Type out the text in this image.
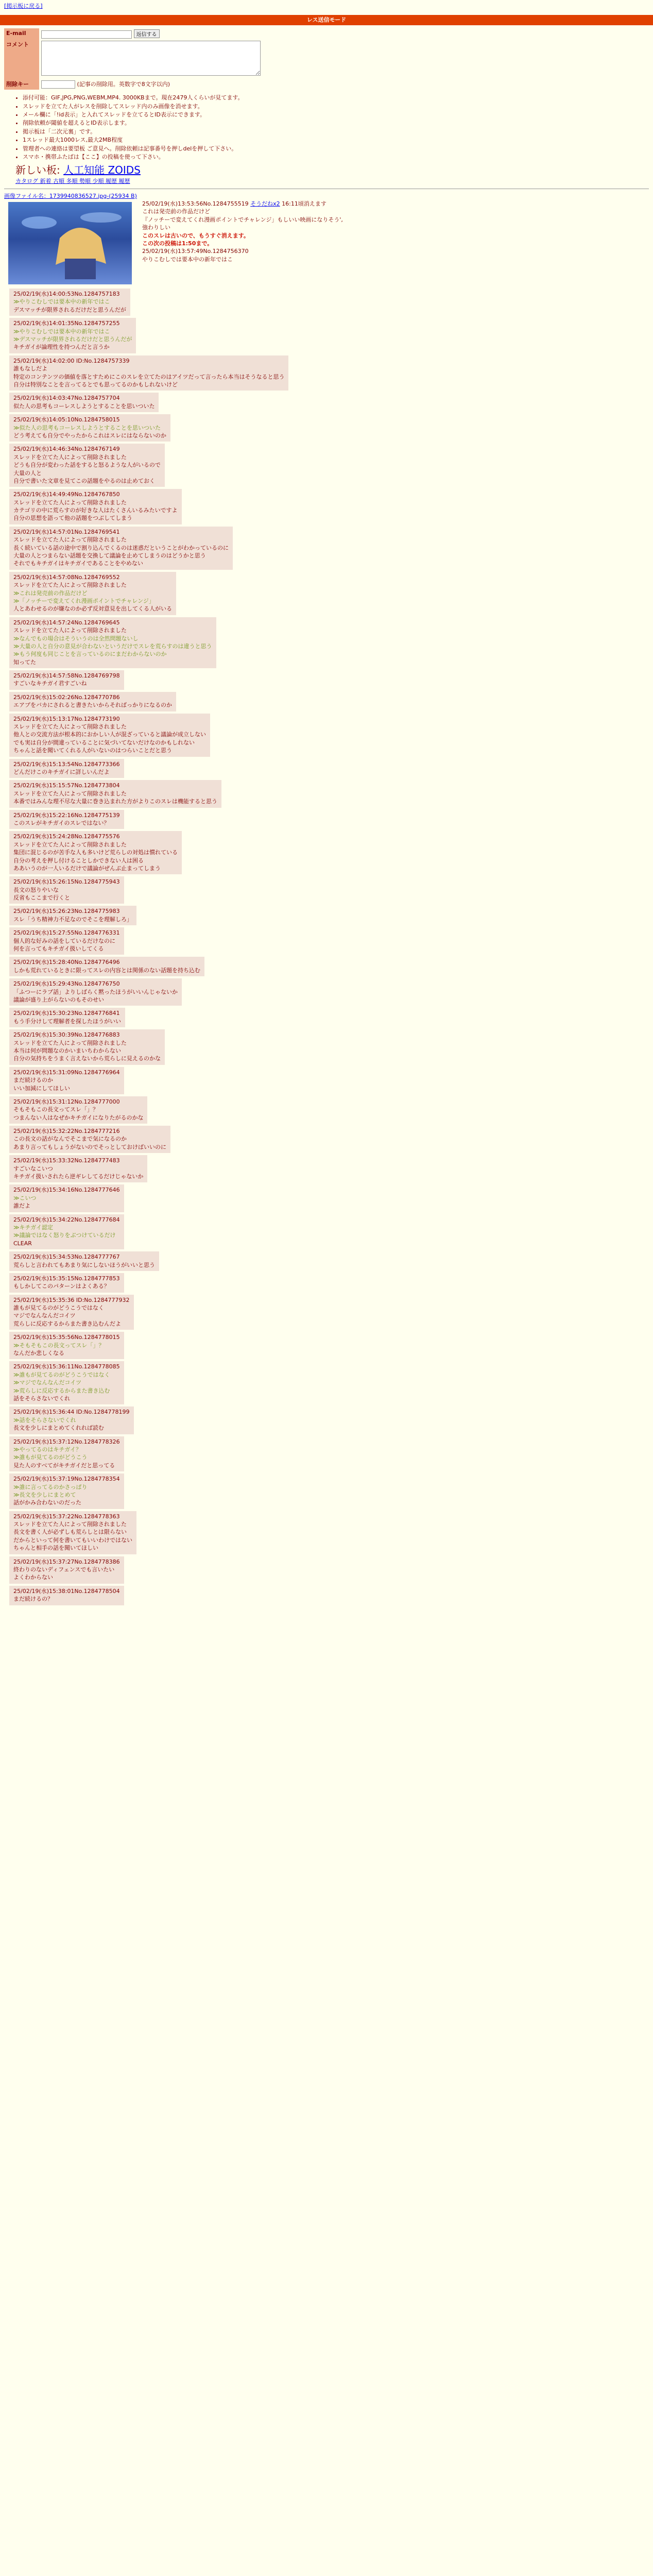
[掲示板に戻る]
レス送信モード
E-mail	返信する
コメント	
削除キー	(記事の削除用。英数字で8文字以内)
• 添付可能：GIF,JPG,PNG,WEBM,MP4. 3000KBまで。現在2479人くらいが見てます。
• スレッドを立てた人がレスを削除してスレッド内のみ画像を消せます。
• メール欄に「!id表示」と入れてスレッドを立てるとID表示にできます。
• 削除依頼が閾値を超えるとID表示します。
• 掲示板は「二次元裏」です。
• 1スレッド最大1000レス,最大2MB程度
• 管理者への連絡は要望板 ご意見へ。削除依頼は記事番号を押しdelを押して下さい。
• スマホ・携帯ふたばは【ここ】の投稿を使って下さい。
新しい板: 人工知能 ZOIDS
カタログ 新着 古順 多順 勢順 少順 履歴 履歴
画像ファイル名：1739940836527.jpg-(25934 B)
25/02/19(水)13:53:56No.1284755519 そうだねx2 16:11頃消えます
これは発売前の作品だけど
『ノッチーで変えてくれ漫画ポイントでチャレンジ」もしいい映画になりそう',
強わりしい
このスレは古いので、もうすぐ消えます。
この次の投稿は1:50まで。
25/02/19(水)13:57:49No.1284756370
やりこむしでは要本中の新年ではこ
25/02/19(水)14:00:53No.1284757183
≫やりこむしでは要本中の新年ではこ
デスマッチが限界されるだけだと思うんだが
25/02/19(水)14:01:35No.1284757255
≫やりこむしでは要本中の新年ではこ
≫デスマッチが限界されるだけだと思うんだが
キチガイが論理性を持つんだと言うか
25/02/19(水)14:02:00 ID:No.1284757339
誰もなしだよ
特定のコンテンツの価値を落とすためにこのスレを立てたのはアイツだって言ったら本当はそうなると思う
自分は特別なことを言ってるとでも思ってるのかもしれないけど
25/02/19(水)14:03:47No.1284757704
似た人の思考もコーレスしようとすることを思いついた
25/02/19(水)14:05:10No.1284758015
≫似た人の思考もコーレスしようとすることを思いついた
どう考えても自分でやったからこれはスレにはならないのか
25/02/19(水)14:46:34No.1284767149
スレッドを立てた人によって削除されました
どうも自分が変わった話をすると怒るような人がいるので
大量の人と
自分で書いた文章を見てこの話題をやるのは止めておく
25/02/19(水)14:49:49No.1284767850
スレッドを立てた人によって削除されました
カテゴリの中に荒らすのが好きな人はたくさんいるみたいですよ
自分の思想を語って他の話題をつぶしてしまう
25/02/19(水)14:57:01No.1284769541
スレッドを立てた人によって削除されました
長く続いている話の途中で割り込んでくるのは迷惑だということがわかっているのに
大量の人とつまらない話題を交換して議論を止めてしまうのはどうかと思う
それでもキチガイはキチガイであることをやめない
25/02/19(水)14:57:08No.1284769552
スレッドを立てた人によって削除されました
≫これは発売前の作品だけど
≫「ノッチーで変えてくれ漫画ポイントでチャレンジ」
人とあわせるのが嫌なのか必ず反対意見を出してくる人がいる
25/02/19(水)14:57:24No.1284769645
スレッドを立てた人によって削除されました
≫なんでもの場合はそういうのは全然問題ないし
≫大量の人と自分の意見が合わないというだけでスレを荒らすのは違うと思う
≫もう何度も同じことを言っているのにまだわからないのか
知ってた
25/02/19(水)14:57:58No.1284769798
すごいなキチガイ君すごいね
25/02/19(水)15:02:26No.1284770786
エアプをバカにされると書きたいからそればっかりになるのか
25/02/19(水)15:13:17No.1284773190
スレッドを立てた人によって削除されました
他人との交流方法が根本的におかしい人が混ざっていると議論が成立しない
でも実は自分が間違っていることに気づいてないだけなのかもしれない
ちゃんと話を聞いてくれる人がいないのはつらいことだと思う
25/02/19(水)15:13:54No.1284773366
どんだけこのキチガイに詳しいんだよ
25/02/19(水)15:15:57No.1284773804
スレッドを立てた人によって削除されました
本番ではみんな理不尽な大量に巻き込まれた方がよりこのスレは機能すると思う
25/02/19(水)15:22:16No.1284775139
このスレがキチガイのスレではない？
25/02/19(水)15:24:28No.1284775576
スレッドを立てた人によって削除されました
集団に混じるのが苦手な人も多いけど荒らしの対処は慣れている
自分の考えを押し付けることしかできない人は困る
ああいうのが一人いるだけで議論がぜんぶ止まってしまう
25/02/19(水)15:26:15No.1284775943
長文の怒りやいな
反省もここまで行くと
25/02/19(水)15:26:23No.1284775983
スレ「うち精神力不足なのでそこを理解しろ」
25/02/19(水)15:27:55No.1284776331
個人的な好みの話をしているだけなのに
何を言ってもキチガイ扱いしてくる
25/02/19(水)15:28:40No.1284776496
しかも荒れているときに限ってスレの内容とは関係のない話題を持ち込む
25/02/19(水)15:29:43No.1284776750
「ふつーにラブ話」よりしばらく黙ったほうがいいんじゃないか
議論が盛り上がらないのもそのせい
25/02/19(水)15:30:23No.1284776841
もう手分けして理解者を探したほうがいい
25/02/19(水)15:30:39No.1284776883
スレッドを立てた人によって削除されました
本当は何が問題なのかいまいちわからない
自分の気持ちをうまく言えないから荒らしに見えるのかな
25/02/19(水)15:31:09No.1284776964
まだ続けるのか
いい加減にしてほしい
25/02/19(水)15:31:12No.1284777000
そもそもこの長文ってスレ「」？
つまんない人はなぜかキチガイになりたがるのかな
25/02/19(水)15:32:22No.1284777216
この長文の話がなんでそこまで気になるのか
あまり言ってもしょうがないのでそっとしておけばいいのに
25/02/19(水)15:33:32No.1284777483
すごいなこいつ
キチガイ扱いされたら逆ギレしてるだけじゃないか
25/02/19(水)15:34:16No.1284777646
≫こいつ
誰だよ
25/02/19(水)15:34:22No.1284777684
≫キチガイ認定
≫議論ではなく怒りをぶつけているだけ
CLEAR
25/02/19(水)15:34:53No.1284777767
荒らしと言われてもあまり気にしないほうがいいと思う
25/02/19(水)15:35:15No.1284777853
もしかしてこのパターンはよくある？
25/02/19(水)15:35:36 ID:No.1284777932
誰もが見てるのがどうこうではなく
マジでなんなんだコイツ
荒らしに反応するからまた書き込むんだよ
25/02/19(水)15:35:56No.1284778015
≫そもそもこの長文ってスレ「」？
なんだか悲しくなる
25/02/19(水)15:36:11No.1284778085
≫誰もが見てるのがどうこうではなく
≫マジでなんなんだコイツ
≫荒らしに反応するからまた書き込む
話をそらさないでくれ
25/02/19(水)15:36:44 ID:No.1284778199
≫話をそらさないでくれ
長文を少しにまとめてくれれば読む
25/02/19(水)15:37:12No.1284778326
≫やってるのはキチガイ？
≫誰もが見てるのがどうこう
見た人のすべてがキチガイだと思ってる
25/02/19(水)15:37:19No.1284778354
≫誰に言ってるのかさっぱり
≫長文を少しにまとめて
話がかみ合わないのだった
25/02/19(水)15:37:22No.1284778363
スレッドを立てた人によって削除されました
長文を書く人が必ずしも荒らしとは限らない
だからといって何を書いてもいいわけではない
ちゃんと相手の話を聞いてほしい
25/02/19(水)15:37:27No.1284778386
終わりのないディフェンスでも言いたい
よくわからない
25/02/19(水)15:38:01No.1284778504
まだ続けるの？
